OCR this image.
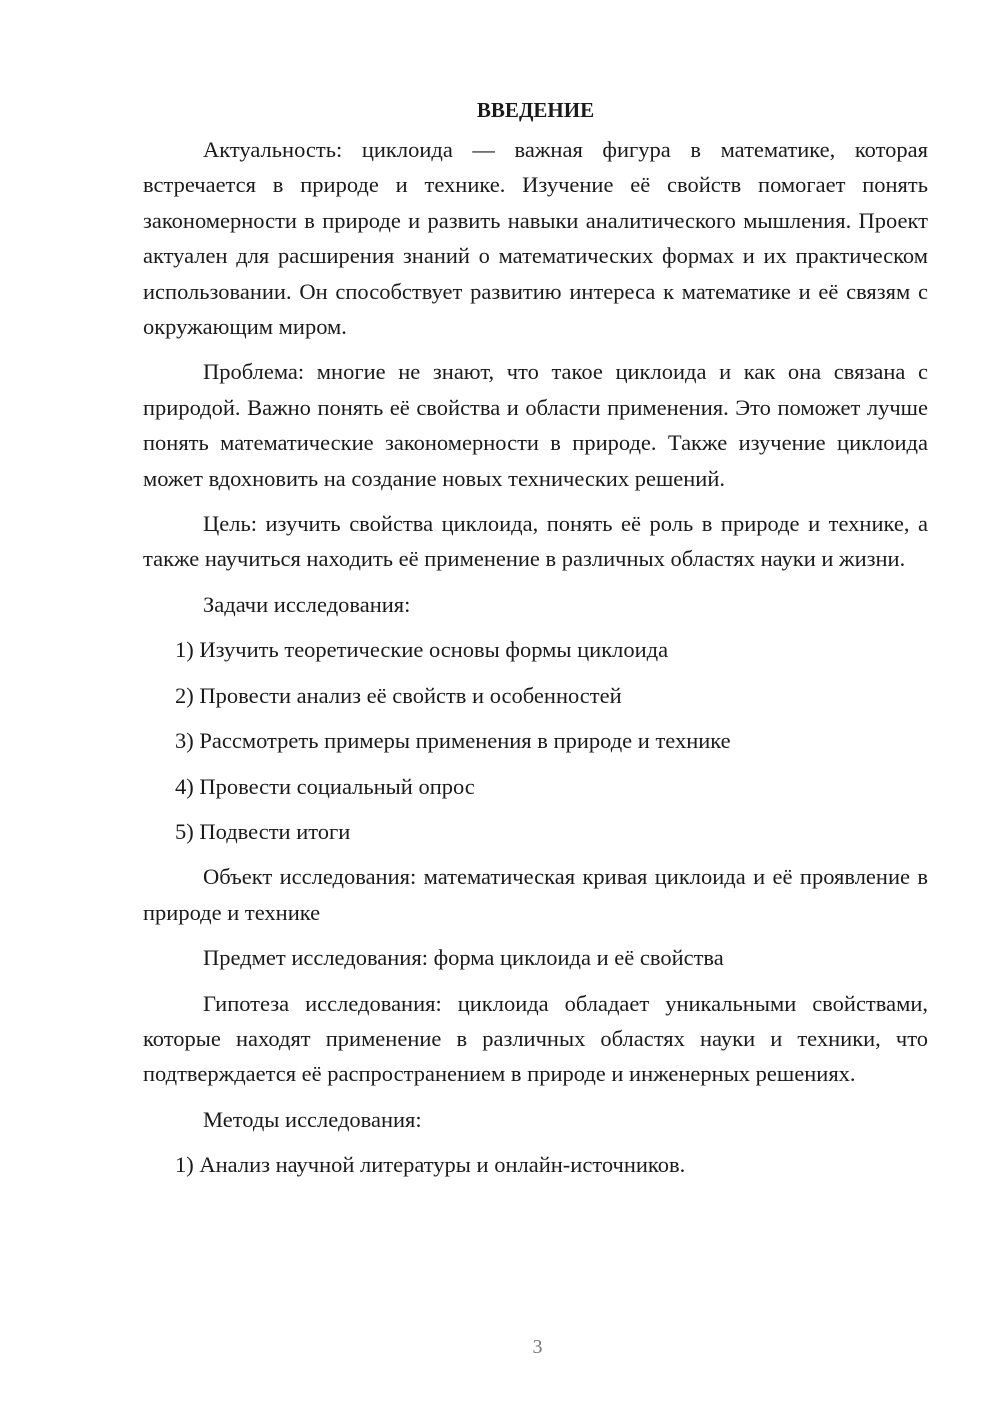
ВВЕДЕНИЕ

Актуальность: циклоида — важная фигура в математике, которая встречается в природе и технике. Изучение её свойств помогает понять закономерности в природе и развить навыки аналитического мышления. Проект актуален для расширения знаний о математических формах и их практическом использовании. Он способствует развитию интереса к математике и её связям с окружающим миром.

Проблема: многие не знают, что такое циклоида и как она связана с природой. Важно понять её свойства и области применения. Это поможет лучше понять математические закономерности в природе. Также изучение циклоида может вдохновить на создание новых технических решений.

Цель: изучить свойства циклоида, понять её роль в природе и технике, а также научиться находить её применение в различных областях науки и жизни.

Задачи исследования:

1) Изучить теоретические основы формы циклоида

2) Провести анализ её свойств и особенностей

3) Рассмотреть примеры применения в природе и технике

4) Провести социальный опрос

5) Подвести итоги

Объект исследования: математическая кривая циклоида и её проявление в природе и технике

Предмет исследования: форма циклоида и её свойства

Гипотеза исследования: циклоида обладает уникальными свойствами, которые находят применение в различных областях науки и техники, что подтверждается её распространением в природе и инженерных решениях.

Методы исследования:

1) Анализ научной литературы и онлайн-источников.

3
